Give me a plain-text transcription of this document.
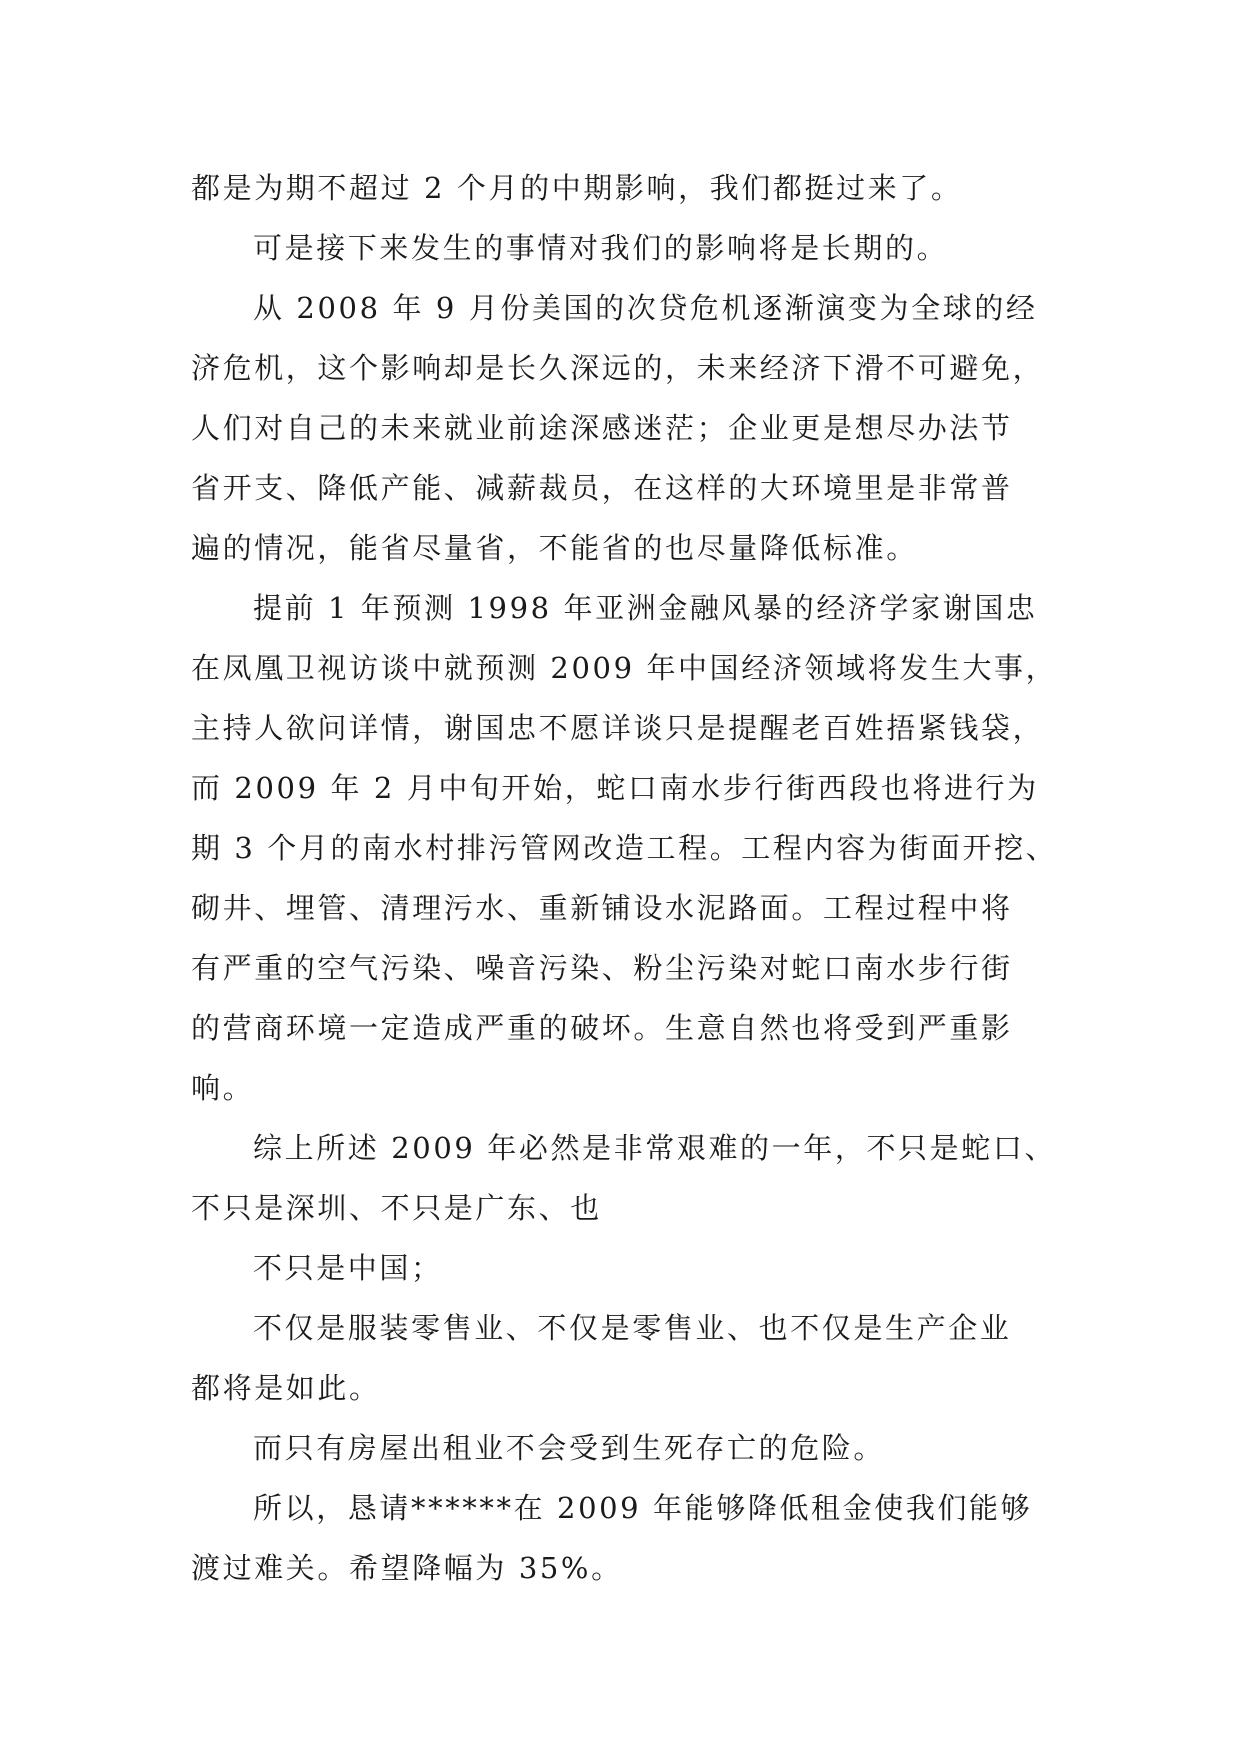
都是为期不超过 2 个月的中期影响，我们都挺过来了。
可是接下来发生的事情对我们的影响将是长期的。
从 2008 年 9 月份美国的次贷危机逐渐演变为全球的经
济危机，这个影响却是长久深远的，未来经济下滑不可避免，
人们对自己的未来就业前途深感迷茫；企业更是想尽办法节
省开支、降低产能、减薪裁员，在这样的大环境里是非常普
遍的情况，能省尽量省，不能省的也尽量降低标准。
提前 1 年预测 1998 年亚洲金融风暴的经济学家谢国忠
在凤凰卫视访谈中就预测 2009 年中国经济领域将发生大事，
主持人欲问详情，谢国忠不愿详谈只是提醒老百姓捂紧钱袋，
而 2009 年 2 月中旬开始，蛇口南水步行街西段也将进行为
期 3 个月的南水村排污管网改造工程。工程内容为街面开挖、
砌井、埋管、清理污水、重新铺设水泥路面。工程过程中将
有严重的空气污染、噪音污染、粉尘污染对蛇口南水步行街
的营商环境一定造成严重的破坏。生意自然也将受到严重影
响。
综上所述 2009 年必然是非常艰难的一年，不只是蛇口、
不只是深圳、不只是广东、也
不只是中国；
不仅是服装零售业、不仅是零售业、也不仅是生产企业
都将是如此。
而只有房屋出租业不会受到生死存亡的危险。
所以，恳请******在 2009 年能够降低租金使我们能够
渡过难关。希望降幅为 35%。
